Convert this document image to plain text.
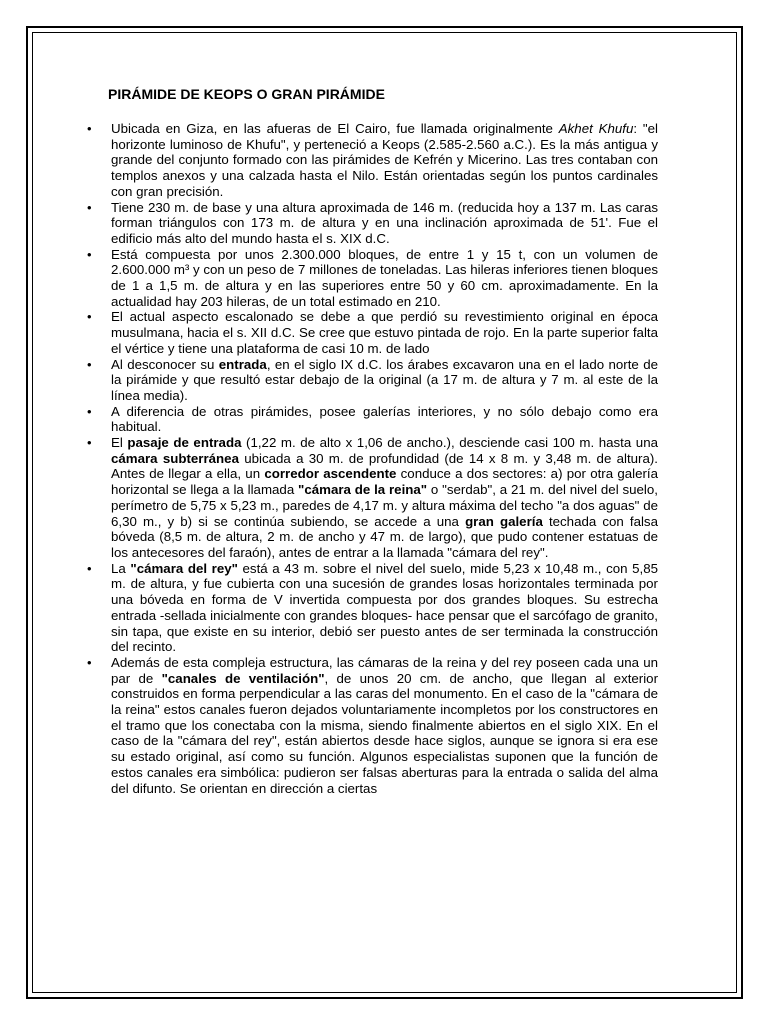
PIRÁMIDE DE KEOPS O GRAN PIRÁMIDE

• Ubicada en Giza, en las afueras de El Cairo, fue llamada originalmente Akhet Khufu: "el horizonte luminoso de Khufu", y perteneció a Keops (2.585-2.560 a.C.). Es la más antigua y grande del conjunto formado con las pirámides de Kefrén y Micerino. Las tres contaban con templos anexos y una calzada hasta el Nilo. Están orientadas según los puntos cardinales con gran precisión.

• Tiene 230 m. de base y una altura aproximada de 146 m. (reducida hoy a 137 m. Las caras forman triángulos con 173 m. de altura y en una inclinación aproximada de 51'. Fue el edificio más alto del mundo hasta el s. XIX d.C.

• Está compuesta por unos 2.300.000 bloques, de entre 1 y 15 t, con un volumen de 2.600.000 m³ y con un peso de 7 millones de toneladas. Las hileras inferiores tienen bloques de 1 a 1,5 m. de altura y en las superiores entre 50 y 60 cm. aproximadamente. En la actualidad hay 203 hileras, de un total estimado en 210.

• El actual aspecto escalonado se debe a que perdió su revestimiento original en época musulmana, hacia el s. XII d.C. Se cree que estuvo pintada de rojo. En la parte superior falta el vértice y tiene una plataforma de casi 10 m. de lado

• Al desconocer su entrada, en el siglo IX d.C. los árabes excavaron una en el lado norte de la pirámide y que resultó estar debajo de la original (a 17 m. de altura y 7 m. al este de la línea media).

• A diferencia de otras pirámides, posee galerías interiores, y no sólo debajo como era habitual.

• El pasaje de entrada (1,22 m. de alto x 1,06 de ancho.), desciende casi 100 m. hasta una cámara subterránea ubicada a 30 m. de profundidad (de 14 x 8 m. y 3,48 m. de altura). Antes de llegar a ella, un corredor ascendente conduce a dos sectores: a) por otra galería horizontal se llega a la llamada "cámara de la reina" o "serdab", a 21 m. del nivel del suelo, perímetro de 5,75 x 5,23 m., paredes de 4,17 m. y altura máxima del techo "a dos aguas" de 6,30 m., y b) si se continúa subiendo, se accede a una gran galería techada con falsa bóveda (8,5 m. de altura, 2 m. de ancho y 47 m. de largo), que pudo contener estatuas de los antecesores del faraón), antes de entrar a la llamada "cámara del rey".

• La "cámara del rey" está a 43 m. sobre el nivel del suelo, mide 5,23 x 10,48 m., con 5,85 m. de altura, y fue cubierta con una sucesión de grandes losas horizontales terminada por una bóveda en forma de V invertida compuesta por dos grandes bloques. Su estrecha entrada -sellada inicialmente con grandes bloques- hace pensar que el sarcófago de granito, sin tapa, que existe en su interior, debió ser puesto antes de ser terminada la construcción del recinto.

• Además de esta compleja estructura, las cámaras de la reina y del rey poseen cada una un par de "canales de ventilación", de unos 20 cm. de ancho, que llegan al exterior construidos en forma perpendicular a las caras del monumento. En el caso de la "cámara de la reina" estos canales fueron dejados voluntariamente incompletos por los constructores en el tramo que los conectaba con la misma, siendo finalmente abiertos en el siglo XIX. En el caso de la "cámara del rey", están abiertos desde hace siglos, aunque se ignora si era ese su estado original, así como su función. Algunos especialistas suponen que la función de estos canales era simbólica: pudieron ser falsas aberturas para la entrada o salida del alma del difunto. Se orientan en dirección a ciertas
